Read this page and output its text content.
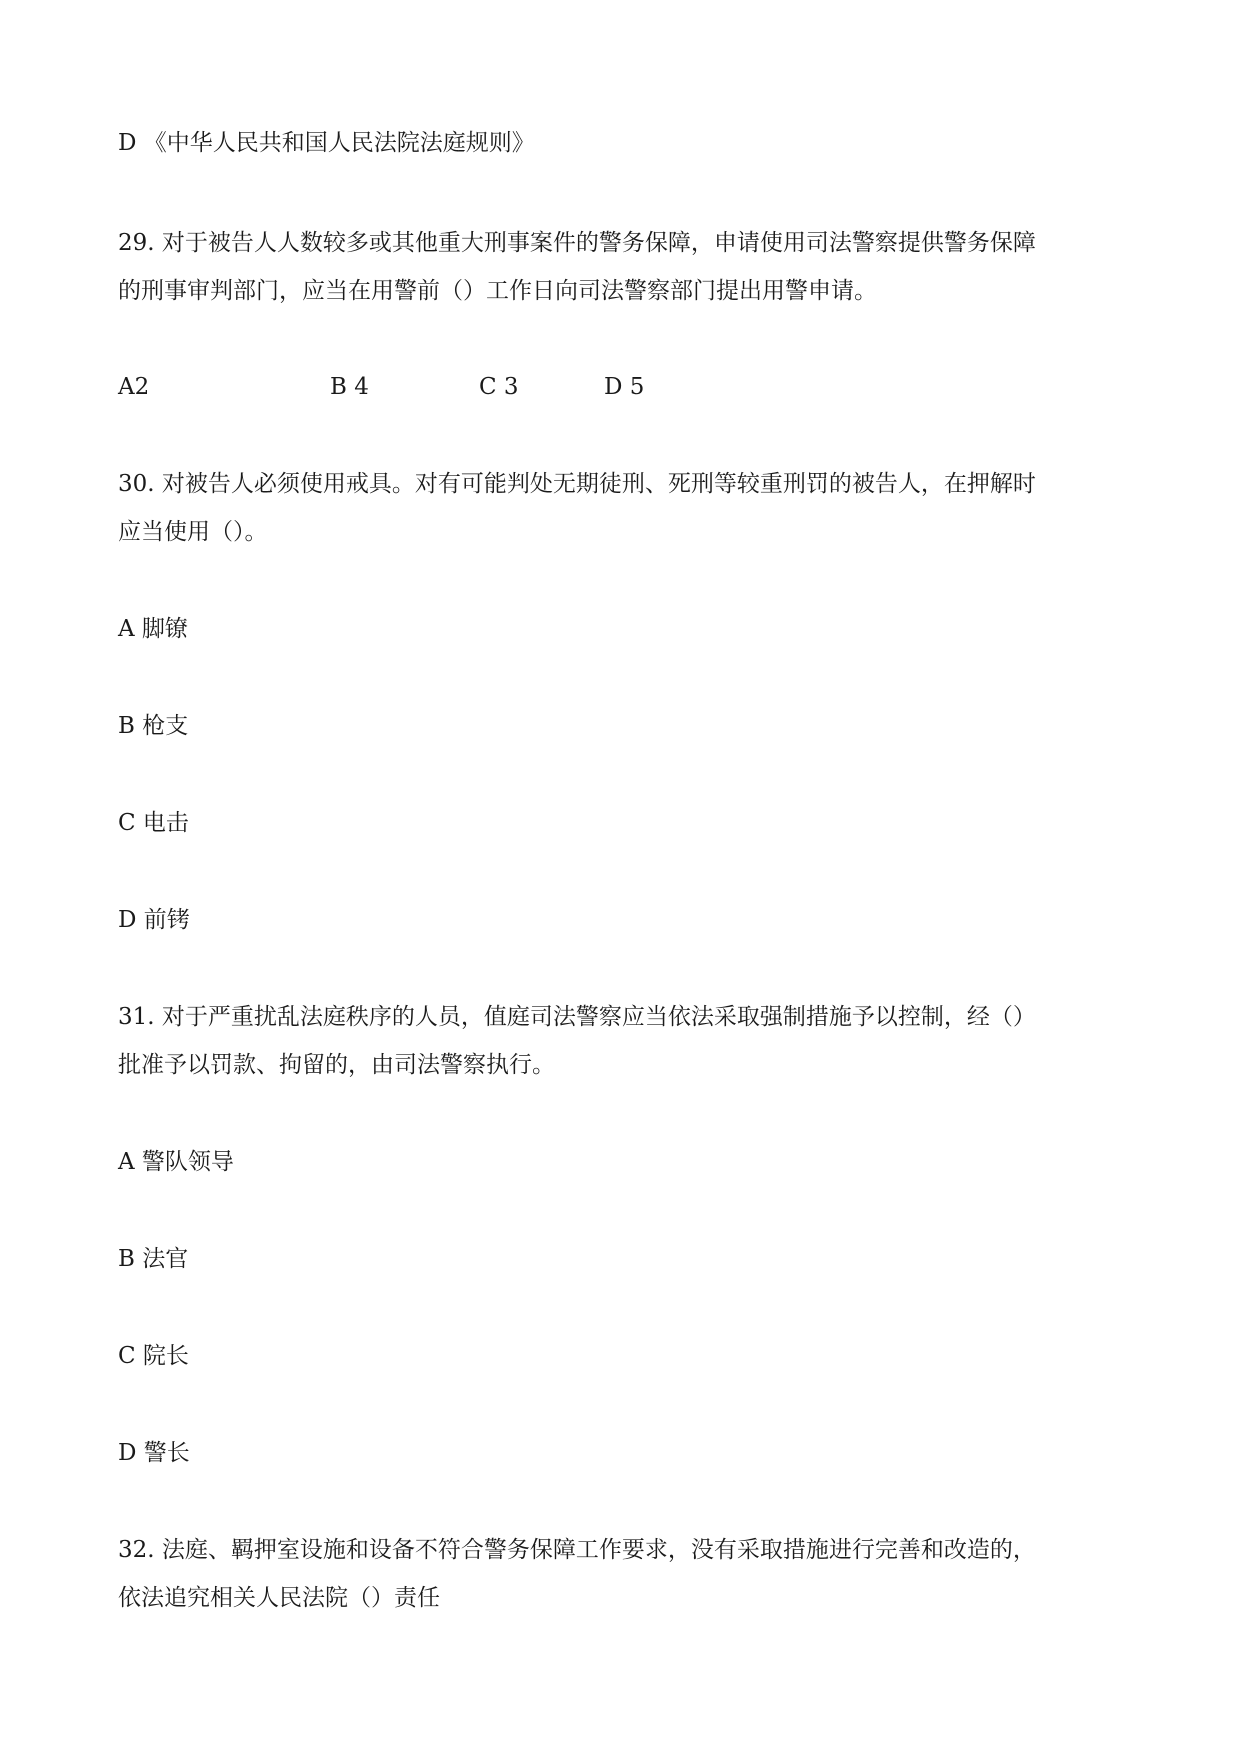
D 《中华人民共和国人民法院法庭规则》

29. 对于被告人人数较多或其他重大刑事案件的警务保障，申请使用司法警察提供警务保障

的刑事审判部门，应当在用警前（）工作日向司法警察部门提出用警申请。

A2

	B 4

	C 3

	D 5

30. 对被告人必须使用戒具。对有可能判处无期徒刑、死刑等较重刑罚的被告人，在押解时

应当使用（）。

A 脚镣

B 枪支

C 电击

D 前铐

31. 对于严重扰乱法庭秩序的人员，值庭司法警察应当依法采取强制措施予以控制，经（）

批准予以罚款、拘留的，由司法警察执行。

A 警队领导

B 法官

C 院长

D 警长

32. 法庭、羁押室设施和设备不符合警务保障工作要求，没有采取措施进行完善和改造的，

依法追究相关人民法院（）责任
